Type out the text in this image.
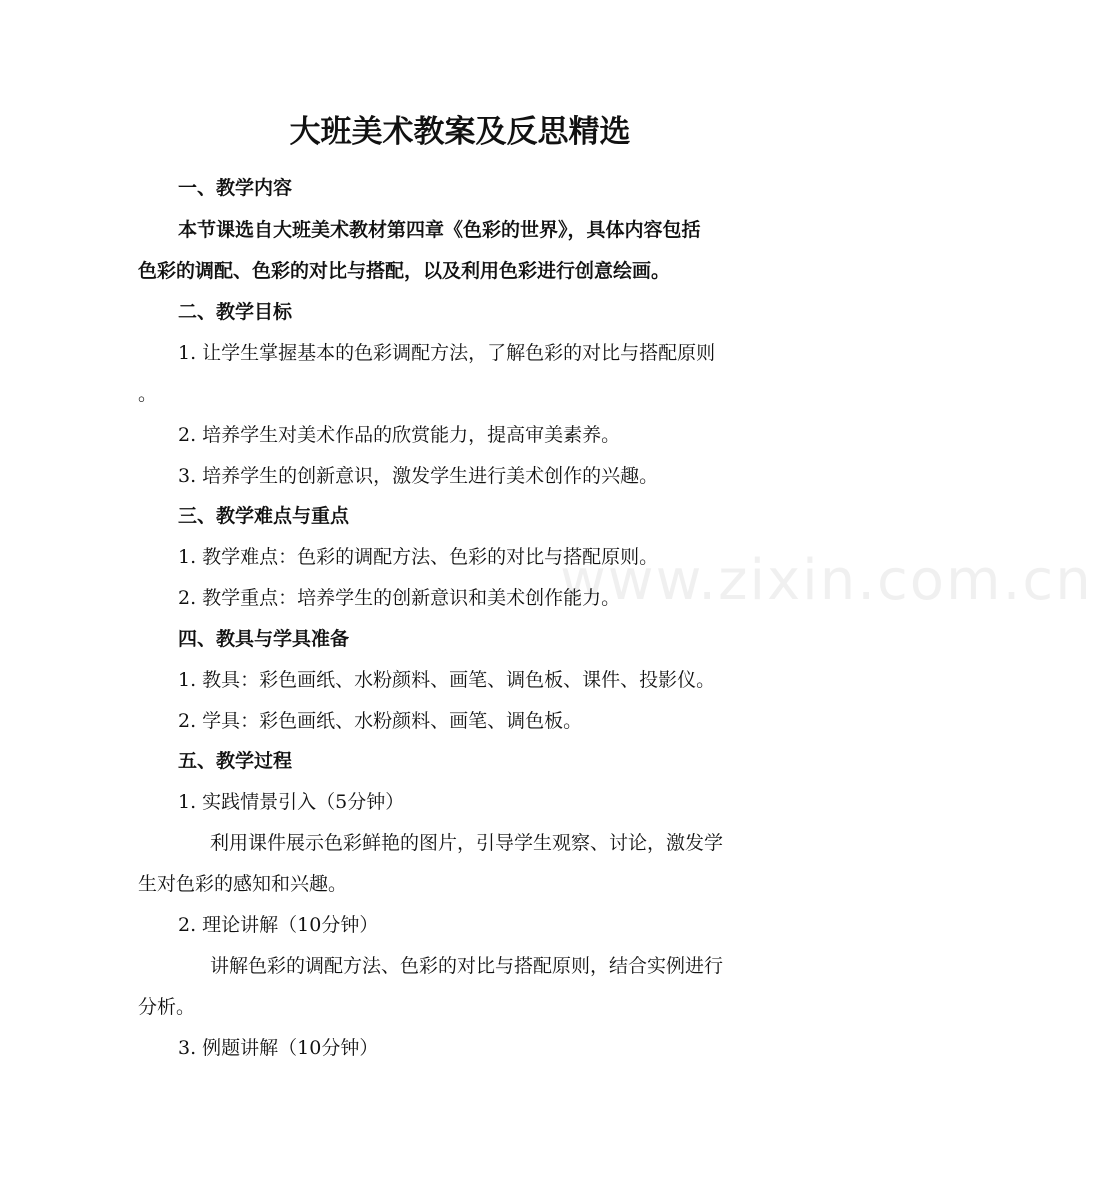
大班美术教案及反思精选
www.zixin.com.cn
一、教学内容
本节课选自大班美术教材第四章《色彩的世界》，具体内容包括
色彩的调配、色彩的对比与搭配，以及利用色彩进行创意绘画。
二、教学目标
1. 让学生掌握基本的色彩调配方法，了解色彩的对比与搭配原则
。
2. 培养学生对美术作品的欣赏能力，提高审美素养。
3. 培养学生的创新意识，激发学生进行美术创作的兴趣。
三、教学难点与重点
1. 教学难点：色彩的调配方法、色彩的对比与搭配原则。
2. 教学重点：培养学生的创新意识和美术创作能力。
四、教具与学具准备
1. 教具：彩色画纸、水粉颜料、画笔、调色板、课件、投影仪。
2. 学具：彩色画纸、水粉颜料、画笔、调色板。
五、教学过程
1. 实践情景引入（5分钟）
利用课件展示色彩鲜艳的图片，引导学生观察、讨论，激发学
生对色彩的感知和兴趣。
2. 理论讲解（10分钟）
讲解色彩的调配方法、色彩的对比与搭配原则，结合实例进行
分析。
3. 例题讲解（10分钟）
